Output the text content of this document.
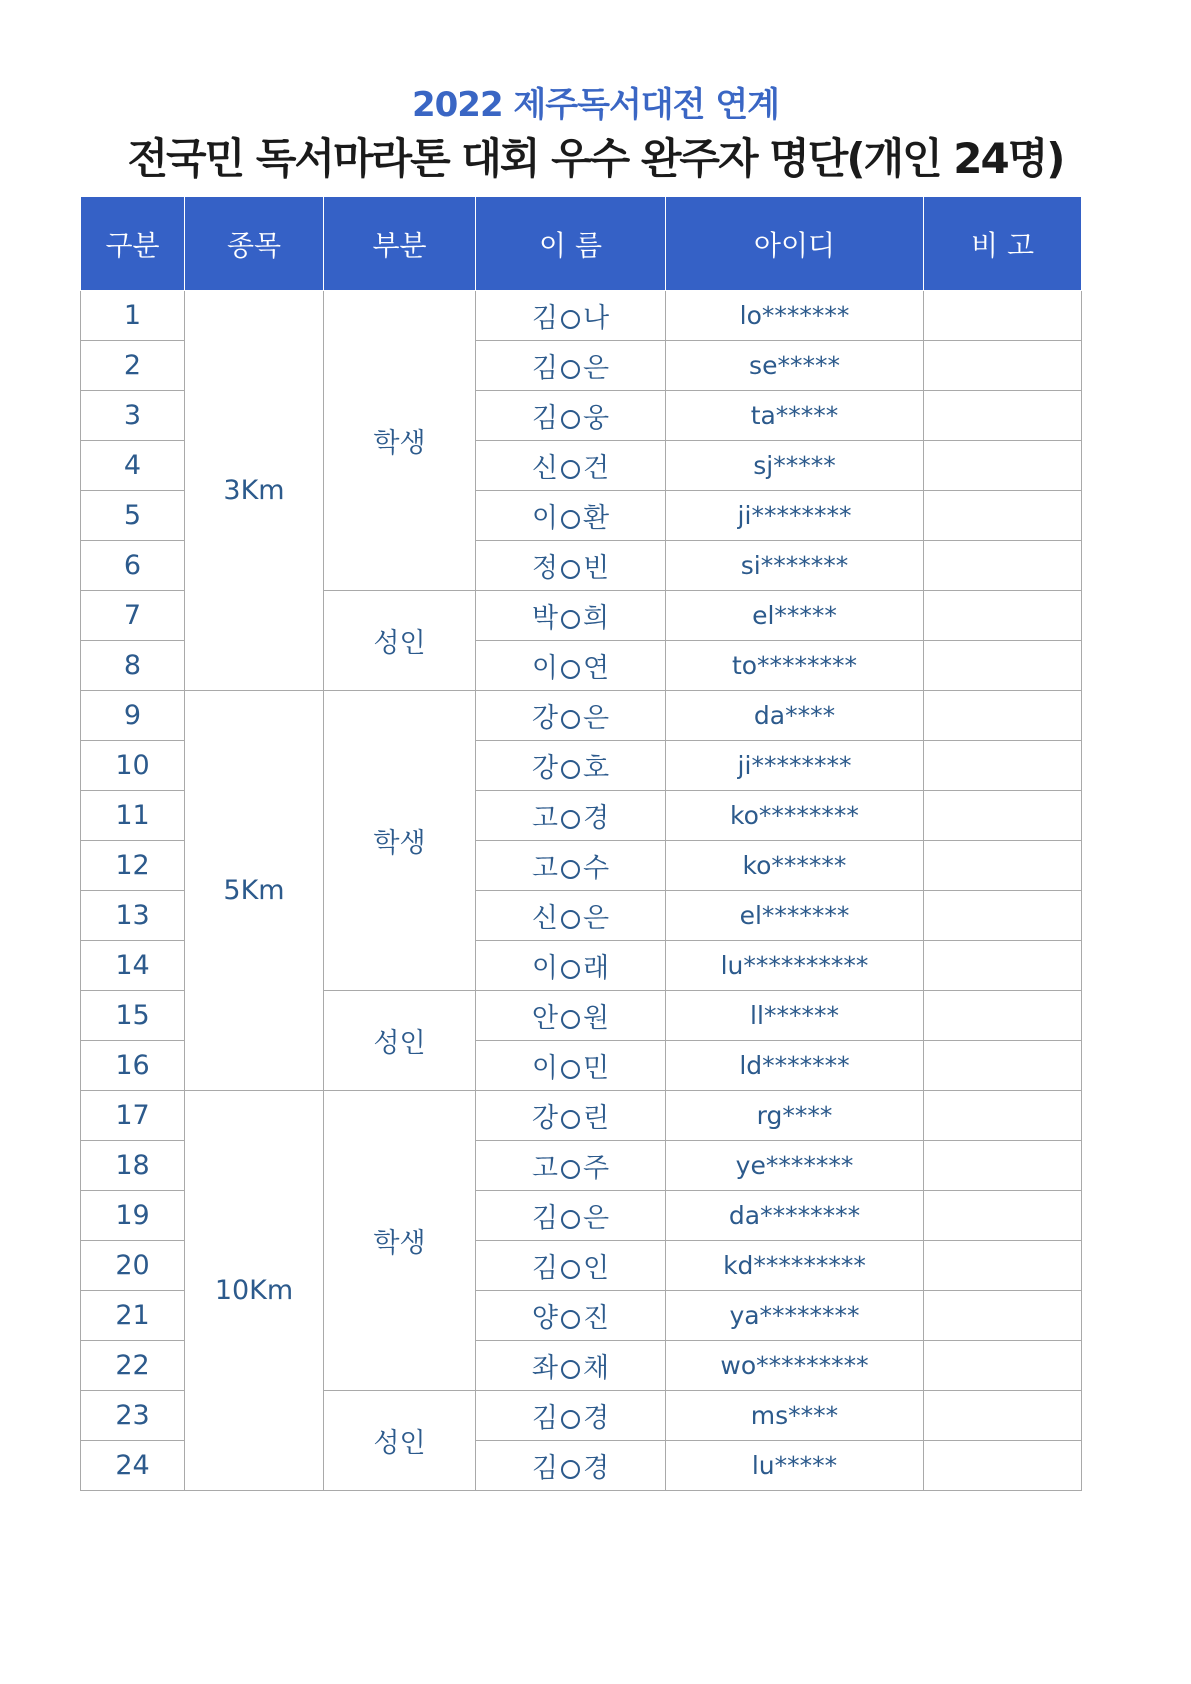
2022 제주독서대전 연계
전국민 독서마라톤 대회 우수 완주자 명단(개인 24명)
구분	종목	부분	이 름	아이디	비 고
1	3Km	학생	김 나	lo*******	
2			김 은	se*****	
3			김 웅	ta*****	
4			신 건	sj*****	
5			이 환	ji********	
6			정 빈	si*******	
7		성인	박 희	el*****	
8			이 연	to********	
9	5Km	학생	강 은	da****	
10			강 호	ji********	
11			고 경	ko********	
12			고 수	ko******	
13			신 은	el*******	
14			이 래	lu**********	
15		성인	안 원	ll******	
16			이 민	ld*******	
17	10Km	학생	강 린	rg****	
18			고 주	ye*******	
19			김 은	da********	
20			김 인	kd*********	
21			양 진	ya********	
22			좌 채	wo*********	
23		성인	김 경	ms****	
24			김 경	lu*****	
